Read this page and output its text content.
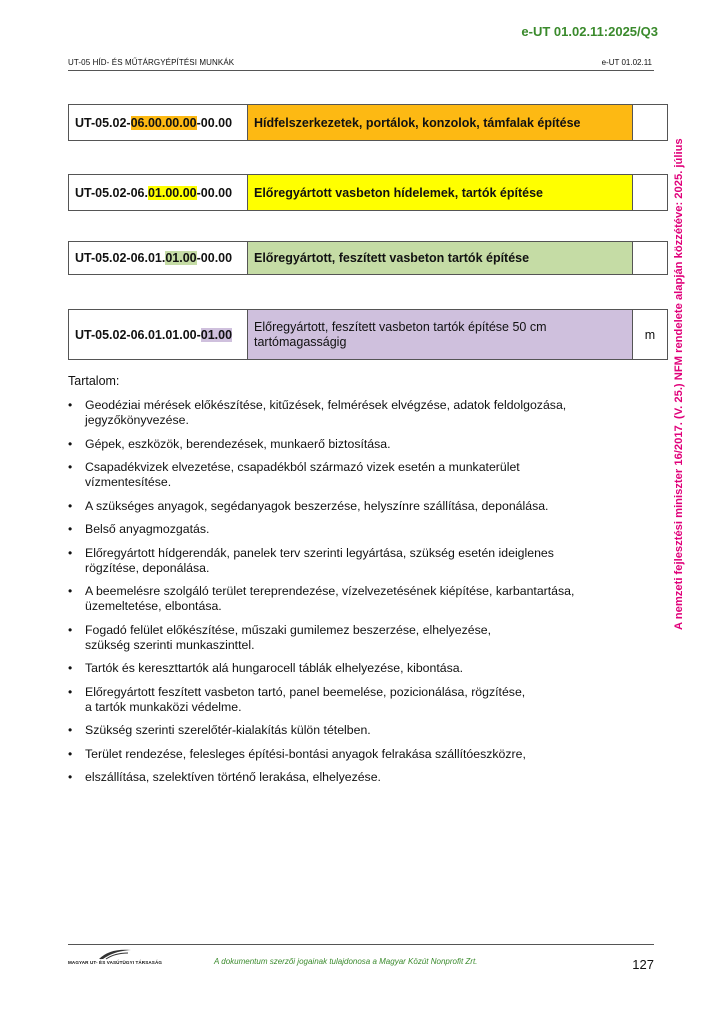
e-UT 01.02.11:2025/Q3
UT-05 HÍD- ÉS MŰTÁRGYÉPÍTÉSI MUNKÁK	e-UT 01.02.11
A nemzeti fejlesztési miniszter 16/2017. (V. 25.) NFM rendelete alapján közzétéve: 2025. július
UT-05.02-06.00.00.00-00.00	Hídfelszerkezetek, portálok, konzolok, támfalak építése	
UT-05.02-06.01.00.00-00.00	Előregyártott vasbeton hídelemek, tartók építése	
UT-05.02-06.01.01.00-00.00	Előregyártott, feszített vasbeton tartók építése	
UT-05.02-06.01.01.00-01.00	Előregyártott, feszített vasbeton tartók építése 50 cm tartómagasságig	m
Tartalom:
• Geodéziai mérések előkészítése, kitűzések, felmérések elvégzése, adatok feldolgozása,
jegyzőkönyvezése.
• Gépek, eszközök, berendezések, munkaerő biztosítása.
• Csapadékvizek elvezetése, csapadékból származó vizek esetén a munkaterület
vízmentesítése.
• A szükséges anyagok, segédanyagok beszerzése, helyszínre szállítása, deponálása.
• Belső anyagmozgatás.
• Előregyártott hídgerendák, panelek terv szerinti legyártása, szükség esetén ideiglenes
rögzítése, deponálása.
• A beemelésre szolgáló terület tereprendezése, vízelvezetésének kiépítése, karbantartása,
üzemeltetése, elbontása.
• Fogadó felület előkészítése, műszaki gumilemez beszerzése, elhelyezése,
szükség szerinti munkaszinttel.
• Tartók és kereszttartók alá hungarocell táblák elhelyezése, kibontása.
• Előregyártott feszített vasbeton tartó, panel beemelése, pozicionálása, rögzítése,
a tartók munkaközi védelme.
• Szükség szerinti szerelőtér-kialakítás külön tételben.
• Terület rendezése, felesleges építési-bontási anyagok felrakása szállítóeszközre,
• elszállítása, szelektíven történő lerakása, elhelyezése.
MAGYAR UT- ÉS VASÚTÜGYI TÁRSASÁG	A dokumentum szerzői jogainak tulajdonosa a Magyar Közút Nonprofit Zrt.	127
